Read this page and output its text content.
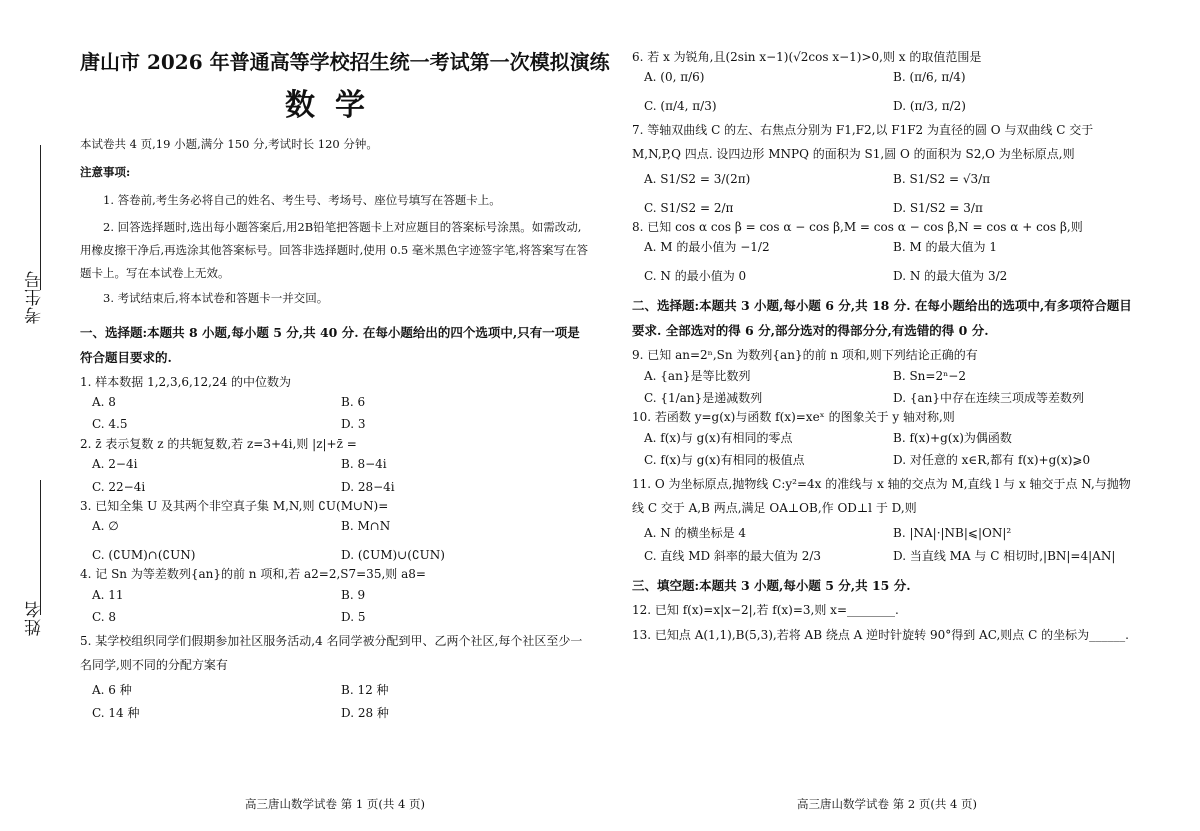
考生号
姓名
唐山市 2026 年普通高等学校招生统一考试第一次模拟演练
数学
本试卷共 4 页,19 小题,满分 150 分,考试时长 120 分钟。
注意事项:
1. 答卷前,考生务必将自己的姓名、考生号、考场号、座位号填写在答题卡上。
2. 回答选择题时,选出每小题答案后,用2B铅笔把答题卡上对应题目的答案标号涂黑。如需改动,用橡皮擦干净后,再选涂其他答案标号。回答非选择题时,使用 0.5 毫米黑色字迹签字笔,将答案写在答题卡上。写在本试卷上无效。
3. 考试结束后,将本试卷和答题卡一并交回。
一、选择题:本题共 8 小题,每小题 5 分,共 40 分. 在每小题给出的四个选项中,只有一项是符合题目要求的.
1. 样本数据 1,2,3,6,12,24 的中位数为
A. 8	B. 6
C. 4.5	D. 3
2. z̄ 表示复数 z 的共轭复数,若 z=3+4i,则 |z|+z̄ =
A. 2−4i	B. 8−4i
C. 22−4i	D. 28−4i
3. 已知全集 U 及其两个非空真子集 M,N,则 ∁U(M∪N)=
A. ∅	B. M∩N
C. (∁UM)∩(∁UN)	D. (∁UM)∪(∁UN)
4. 记 Sn 为等差数列{an}的前 n 项和,若 a2=2,S7=35,则 a8=
A. 11	B. 9
C. 8	D. 5
5. 某学校组织同学们假期参加社区服务活动,4 名同学被分配到甲、乙两个社区,每个社区至少一名同学,则不同的分配方案有
A. 6 种	B. 12 种
C. 14 种	D. 28 种
高三唐山数学试卷 第 1 页(共 4 页)
6. 若 x 为锐角,且(2sin x−1)(√2cos x−1)>0,则 x 的取值范围是
A. (0, π/6)	B. (π/6, π/4)
C. (π/4, π/3)	D. (π/3, π/2)
7. 等轴双曲线 C 的左、右焦点分别为 F1,F2,以 F1F2 为直径的圆 O 与双曲线 C 交于 M,N,P,Q 四点. 设四边形 MNPQ 的面积为 S1,圆 O 的面积为 S2,O 为坐标原点,则
A. S1/S2 = 3/(2π)	B. S1/S2 = √3/π
C. S1/S2 = 2/π	D. S1/S2 = 3/π
8. 已知 cos α cos β = cos α − cos β,M = cos α − cos β,N = cos α + cos β,则
A. M 的最小值为 −1/2	B. M 的最大值为 1
C. N 的最小值为 0	D. N 的最大值为 3/2
二、选择题:本题共 3 小题,每小题 6 分,共 18 分. 在每小题给出的选项中,有多项符合题目要求. 全部选对的得 6 分,部分选对的得部分分,有选错的得 0 分.
9. 已知 an=2ⁿ,Sn 为数列{an}的前 n 项和,则下列结论正确的有
A. {an}是等比数列	B. Sn=2ⁿ−2
C. {1/an}是递减数列	D. {an}中存在连续三项成等差数列
10. 若函数 y=g(x)与函数 f(x)=xeˣ 的图象关于 y 轴对称,则
A. f(x)与 g(x)有相同的零点	B. f(x)+g(x)为偶函数
C. f(x)与 g(x)有相同的极值点	D. 对任意的 x∈R,都有 f(x)+g(x)⩾0
11. O 为坐标原点,抛物线 C:y²=4x 的准线与 x 轴的交点为 M,直线 l 与 x 轴交于点 N,与抛物线 C 交于 A,B 两点,满足 OA⊥OB,作 OD⊥l 于 D,则
A. N 的横坐标是 4	B. |NA|·|NB|⩽|ON|²
C. 直线 MD 斜率的最大值为 2/3	D. 当直线 MA 与 C 相切时,|BN|=4|AN|
三、填空题:本题共 3 小题,每小题 5 分,共 15 分.
12. 已知 f(x)=x|x−2|,若 f(x)=3,则 x=________.
13. 已知点 A(1,1),B(5,3),若将 AB 绕点 A 逆时针旋转 90°得到 AC,则点 C 的坐标为______.
高三唐山数学试卷 第 2 页(共 4 页)
